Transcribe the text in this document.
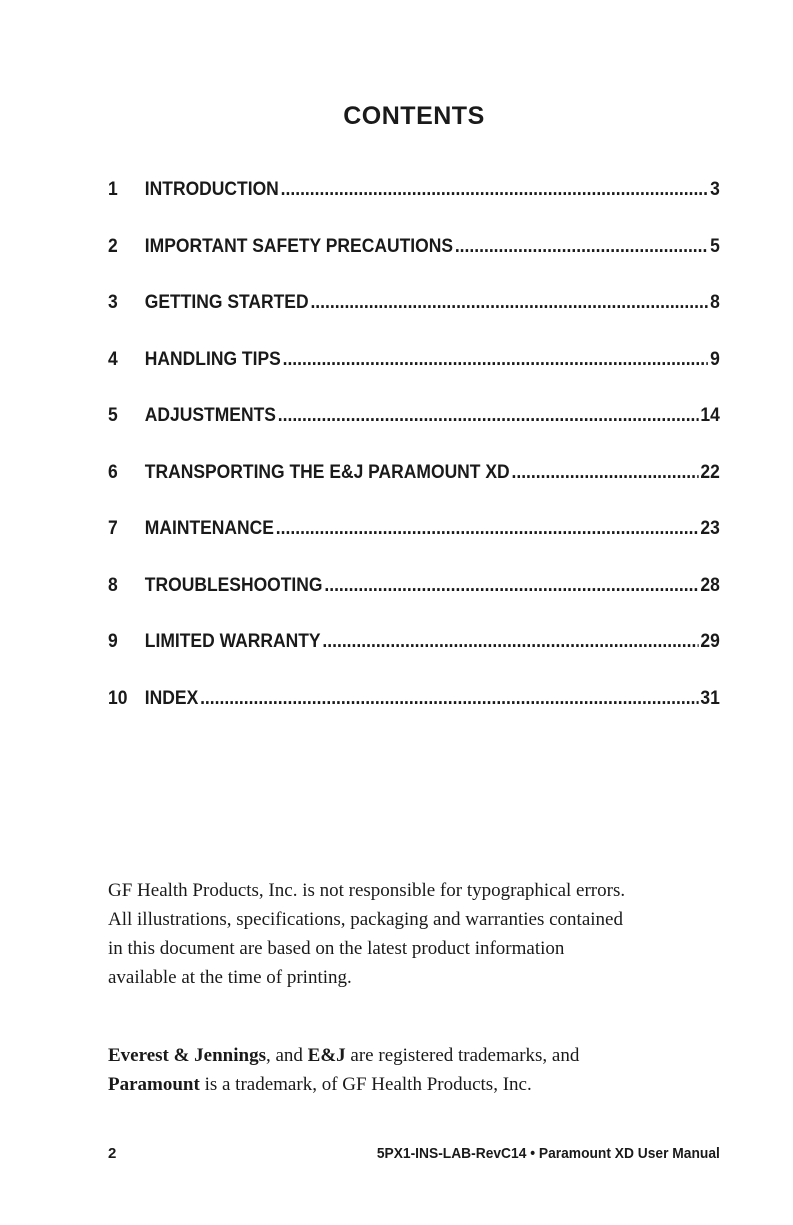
CONTENTS
1	INTRODUCTION .....	3
2	IMPORTANT SAFETY PRECAUTIONS .....	5
3	GETTING STARTED .....	8
4	HANDLING TIPS .....	9
5	ADJUSTMENTS .....	14
6	TRANSPORTING THE E&J PARAMOUNT XD .....	22
7	MAINTENANCE .....	23
8	TROUBLESHOOTING .....	28
9	LIMITED WARRANTY .....	29
10 INDEX .....	31
GF Health Products, Inc. is not responsible for typographical errors.
All illustrations, specifications, packaging and warranties contained
in this document are based on the latest product information
available at the time of printing.
Everest & Jennings, and E&J are registered trademarks, and
Paramount is a trademark, of GF Health Products, Inc.
2	5PX1-INS-LAB-RevC14 • Paramount XD User Manual
